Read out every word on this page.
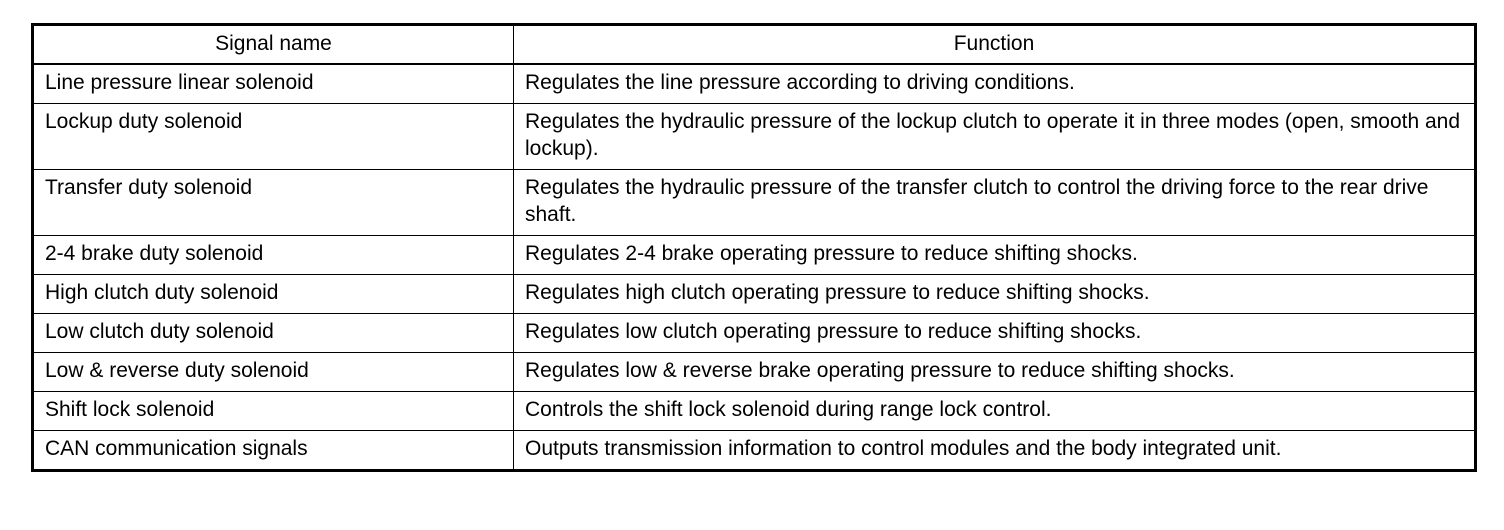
Signal name	Function
Line pressure linear solenoid	Regulates the line pressure according to driving conditions.
Lockup duty solenoid	Regulates the hydraulic pressure of the lockup clutch to operate it in three modes (open, smooth and lockup).
Transfer duty solenoid	Regulates the hydraulic pressure of the transfer clutch to control the driving force to the rear drive shaft.
2-4 brake duty solenoid	Regulates 2-4 brake operating pressure to reduce shifting shocks.
High clutch duty solenoid	Regulates high clutch operating pressure to reduce shifting shocks.
Low clutch duty solenoid	Regulates low clutch operating pressure to reduce shifting shocks.
Low & reverse duty solenoid	Regulates low & reverse brake operating pressure to reduce shifting shocks.
Shift lock solenoid	Controls the shift lock solenoid during range lock control.
CAN communication signals	Outputs transmission information to control modules and the body integrated unit.
